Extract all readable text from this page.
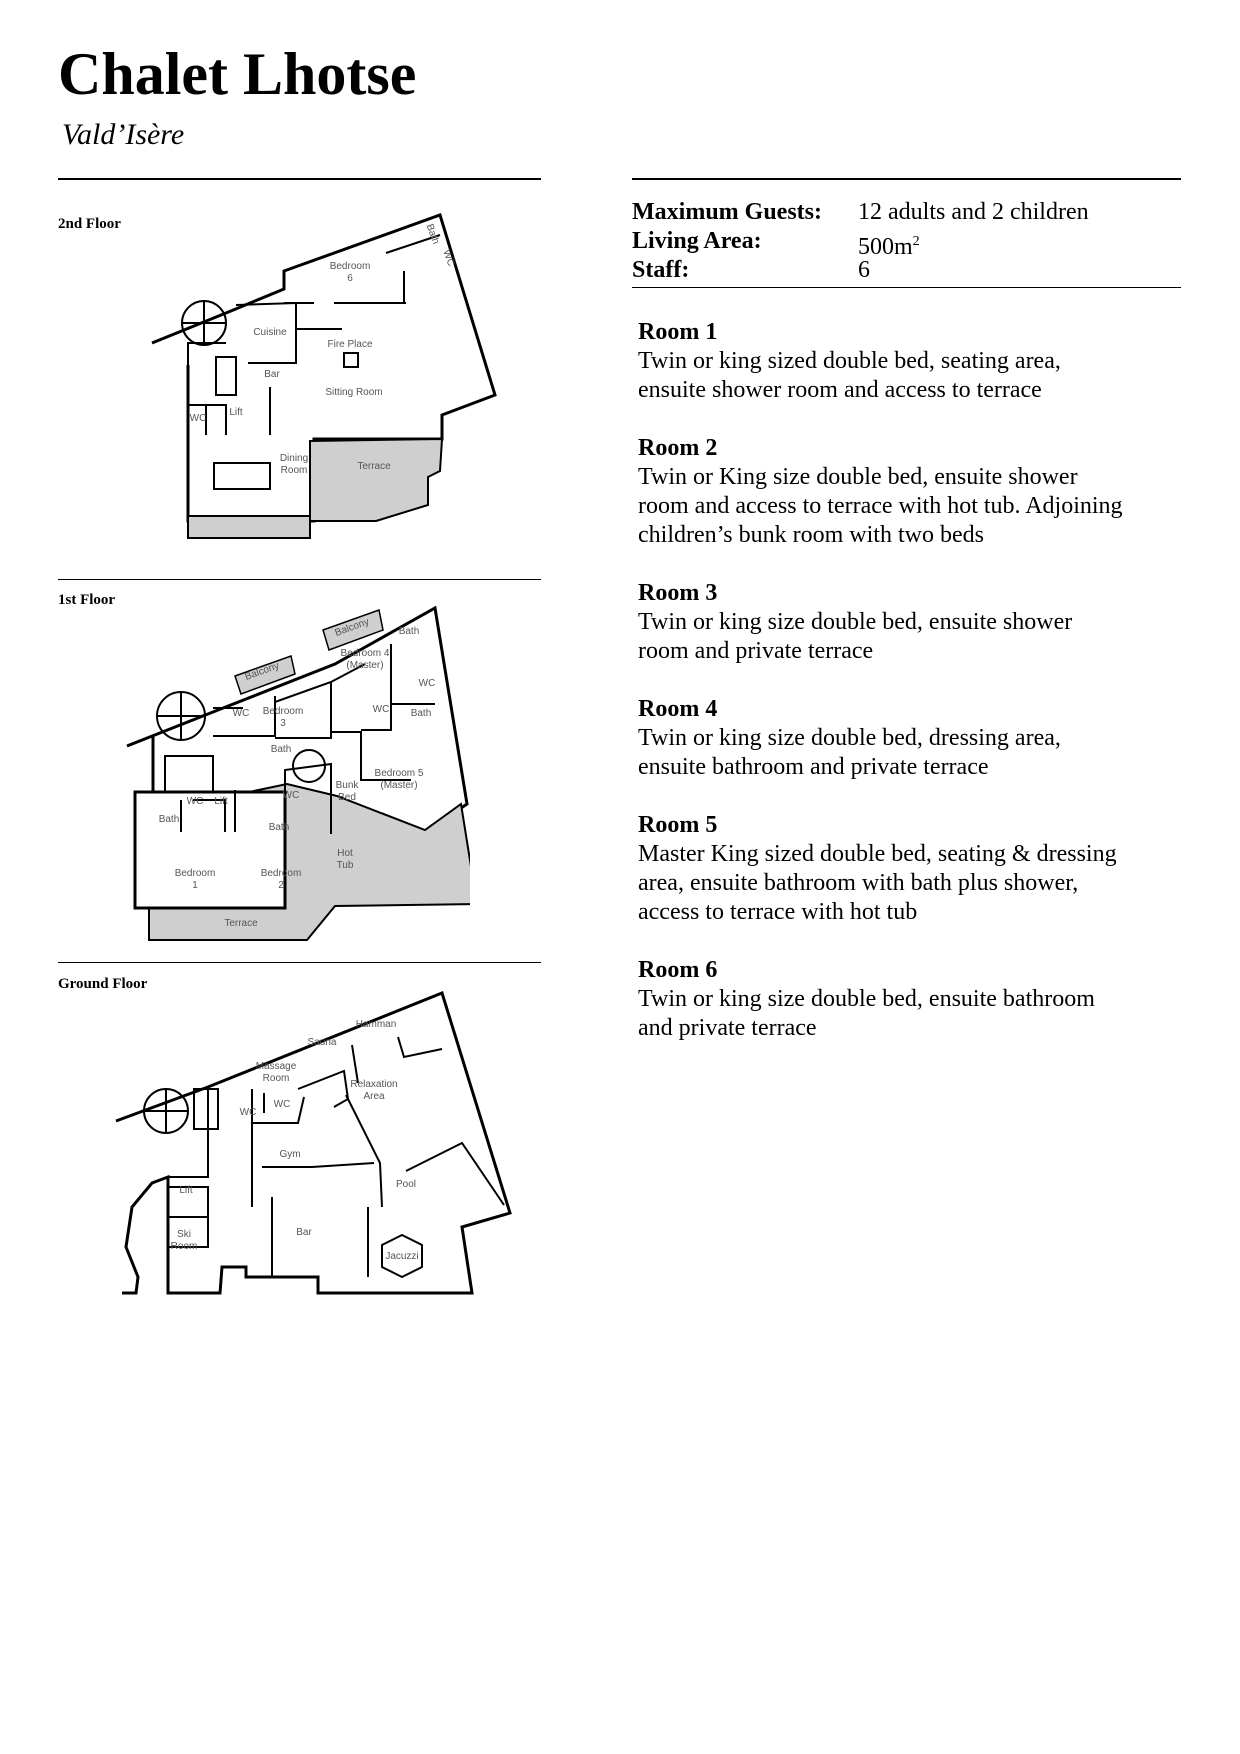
Chalet Lhotse

Vald’Isère

2nd Floor
Bedroom
6
Bath
WC
Cuisine
Fire Place
Bar
Sitting Room
WC
Lift
Dining
Room	Terrace
1st Floor
Balcony
Balcony	Bath
Bedroom 4
(Master)
WC
WC Bedroom
3
WC Bath
Bath
Bunk
Bed
Bedroom 5
(Master)
WC Lift
WC
Bath
Bath
Hot
Tub
Bedroom
1
Bedroom
2
Terrace
Ground Floor
Sauna
Hamman
Massage
Room
Relaxation
Area
WC
WC
Gym
Pool
Lift
Bar
Ski
Room
Jacuzzi
Maximum Guests:	12 adults and 2 children
Living Area:	$500m^2$
Staff:	6
Room 1
Twin or king sized double bed, seating area,
ensuite shower room and access to terrace
Room 2
Twin or King size double bed, ensuite shower
room and access to terrace with hot tub. Adjoining
children’s bunk room with two beds
Room 3
Twin or king size double bed, ensuite shower
room and private terrace
Room 4
Twin or king size double bed, dressing area,
ensuite bathroom and private terrace
Room 5
Master King sized double bed, seating & dressing
area, ensuite bathroom with bath plus shower,
access to terrace with hot tub
Room 6
Twin or king size double bed, ensuite bathroom
and private terrace
